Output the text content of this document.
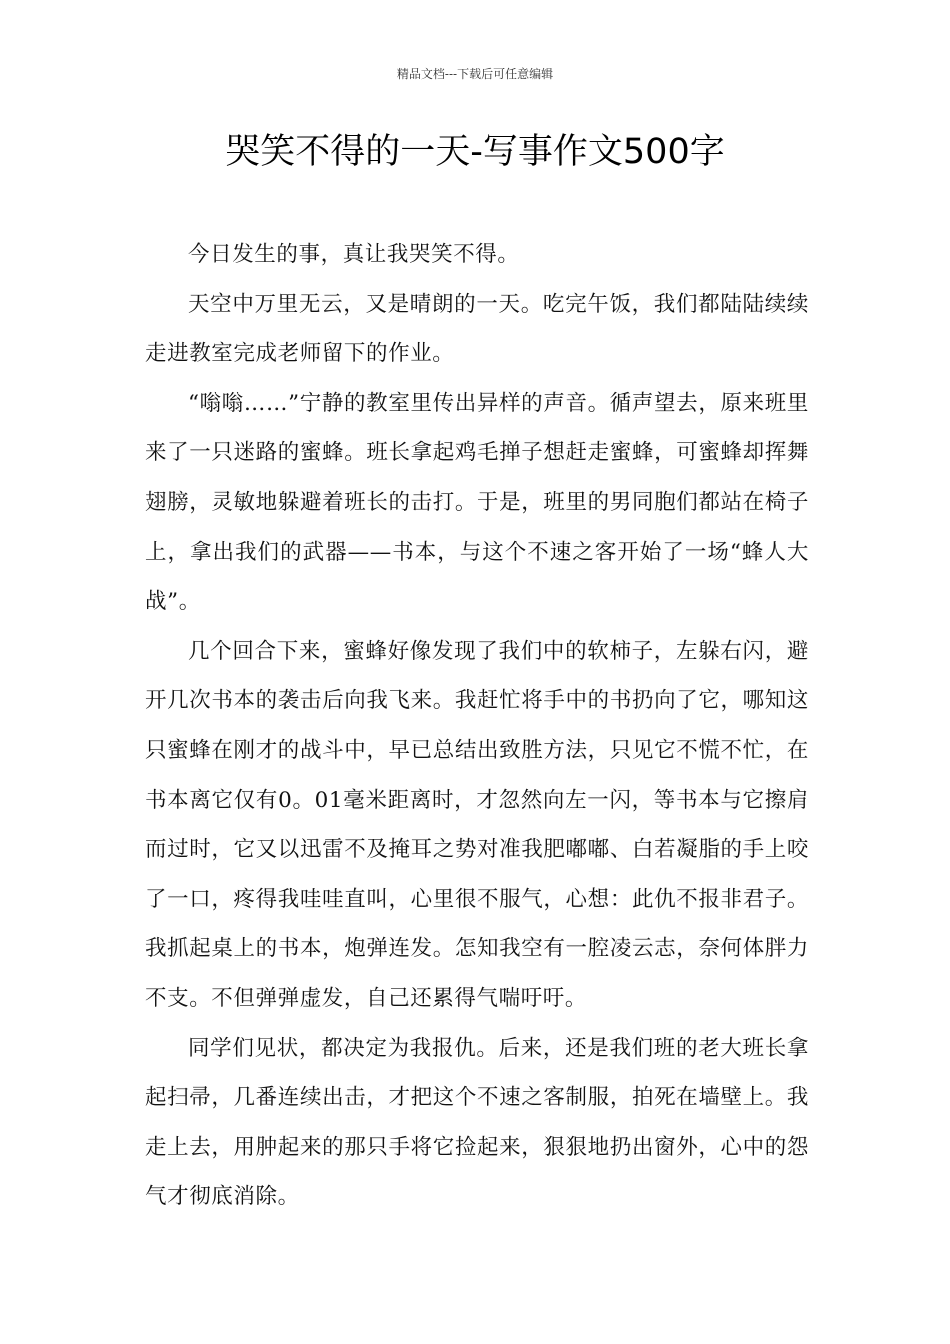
精品文档---下载后可任意编辑
哭笑不得的一天-写事作文500字

今日发生的事，真让我哭笑不得。

天空中万里无云，又是晴朗的一天。吃完午饭，我们都陆陆续续走进教室完成老师留下的作业。

“嗡嗡……”宁静的教室里传出异样的声音。循声望去，原来班里来了一只迷路的蜜蜂。班长拿起鸡毛掸子想赶走蜜蜂，可蜜蜂却挥舞翅膀，灵敏地躲避着班长的击打。于是，班里的男同胞们都站在椅子上，拿出我们的武器——书本，与这个不速之客开始了一场“蜂人大战”。

几个回合下来，蜜蜂好像发现了我们中的软柿子，左躲右闪，避开几次书本的袭击后向我飞来。我赶忙将手中的书扔向了它，哪知这只蜜蜂在刚才的战斗中，早已总结出致胜方法，只见它不慌不忙，在书本离它仅有0。01毫米距离时，才忽然向左一闪，等书本与它擦肩而过时，它又以迅雷不及掩耳之势对准我肥嘟嘟、白若凝脂的手上咬了一口，疼得我哇哇直叫，心里很不服气，心想：此仇不报非君子。我抓起桌上的书本，炮弹连发。怎知我空有一腔凌云志，奈何体胖力不支。不但弹弹虚发，自己还累得气喘吁吁。

同学们见状，都决定为我报仇。后来，还是我们班的老大班长拿起扫帚，几番连续出击，才把这个不速之客制服，拍死在墙壁上。我走上去，用肿起来的那只手将它捡起来，狠狠地扔出窗外，心中的怨气才彻底消除。
